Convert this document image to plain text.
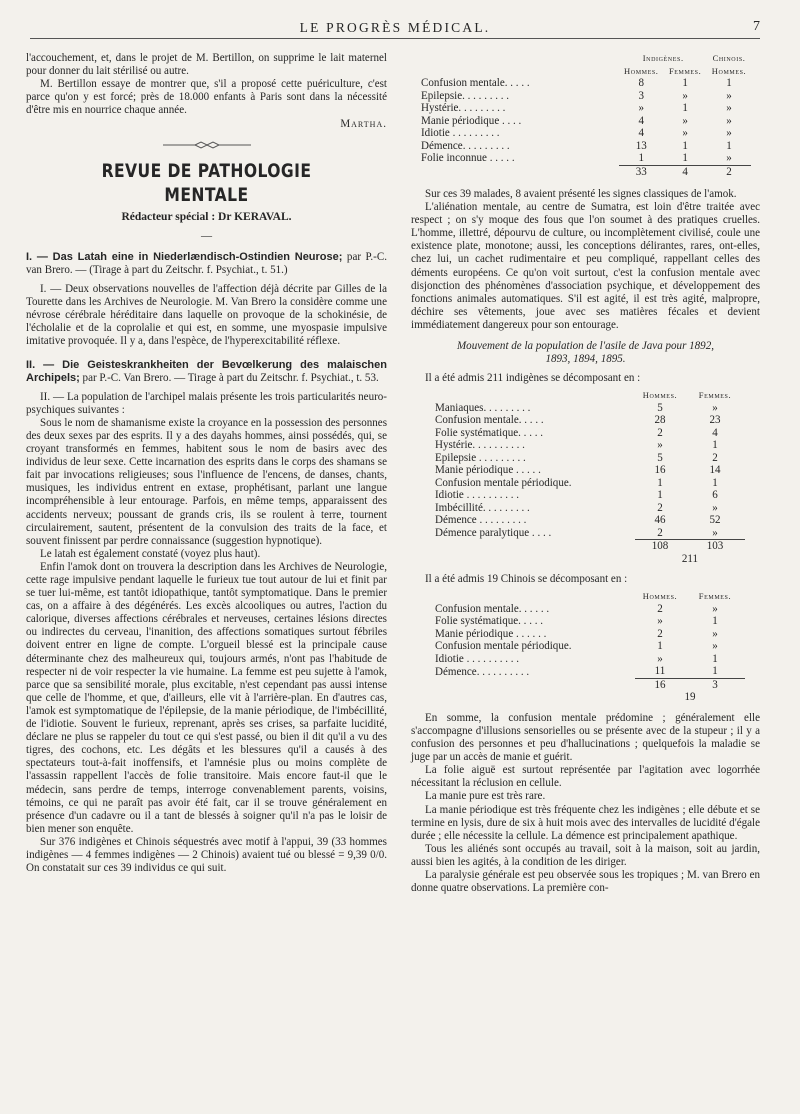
LE PROGRÈS MÉDICAL.	7

l'accouchement, et, dans le projet de M. Bertillon, on supprime le lait maternel pour donner du lait stérilisé ou autre.

M. Bertillon essaye de montrer que, s'il a proposé cette puériculture, c'est parce qu'on y est forcé; près de 18.000 enfants à Paris sont dans la nécessité d'être mis en nourrice chaque année.

Martha.
REVUE DE PATHOLOGIE MENTALE
Rédacteur spécial : Dr KERAVAL.
—

I. — Das Latah eine in Niederlændisch-Ostindien Neurose; par P.-C. van Brero. — (Tirage à part du Zeitschr. f. Psychiat., t. 51.)

I. — Deux observations nouvelles de l'affection déjà décrite par Gilles de la Tourette dans les Archives de Neurologie. M. Van Brero la considère comme une névrose cérébrale héréditaire dans laquelle on provoque de la schokinésie, de l'écholalie et de la coprolalie et qui est, en somme, une myospasie impulsive imitative provoquée. Il y a, dans l'espèce, de l'hyperexcitabilité réflexe.

II. — Die Geisteskrankheiten der Bevœlkerung des malaischen Archipels; par P.-C. Van Brero. — Tirage à part du Zeitschr. f. Psychiat., t. 53.

II. — La population de l'archipel malais présente les trois particularités neuro-psychiques suivantes :

Sous le nom de shamanisme existe la croyance en la possession des personnes des deux sexes par des esprits. Il y a des dayahs hommes, ainsi possédés, qui, se croyant transformés en femmes, habitent sous le nom de basirs avec des individus de leur sexe. Cette incarnation des esprits dans le corps des shamans se fait par invocations religieuses; sous l'influence de l'encens, de danses, chants, musiques, les individus entrent en extase, prophétisant, parlant une langue incompréhensible à leur entourage. Parfois, en même temps, apparaissent des accidents nerveux; poussant de grands cris, ils se roulent à terre, tournent circulairement, sautent, présentent de la convulsion des traits de la face, et souvent finissent par perdre connaissance (suggestion hypnotique).

Le latah est également constaté (voyez plus haut).

Enfin l'amok dont on trouvera la description dans les Archives de Neurologie, cette rage impulsive pendant laquelle le furieux tue tout autour de lui et finit par se tuer lui-même, est tantôt idiopathique, tantôt symptomatique. Dans le premier cas, on a affaire à des dégénérés. Les excès alcooliques ou autres, l'action du calorique, diverses affections cérébrales et nerveuses, certaines lésions directes ou indirectes du cerveau, l'inanition, des affections somatiques surtout fébriles doivent entrer en ligne de compte. L'orgueil blessé est la principale cause déterminante chez des malheureux qui, toujours armés, n'ont pas l'habitude de respecter ni de voir respecter la vie humaine. La femme est peu sujette à l'amok, parce que sa sensibilité morale, plus excitable, n'est cependant pas aussi intense que celle de l'homme, et que, d'ailleurs, elle vit à l'arrière-plan. En d'autres cas, l'amok est symptomatique de l'épilepsie, de la manie périodique, de l'imbécillité, de l'idiotie. Souvent le furieux, reprenant, après ses crises, sa parfaite lucidité, déclare ne plus se rappeler du tout ce qui s'est passé, ou bien il dit qu'il a vu des tigres, des cochons, etc. Les dégâts et les blessures qu'il a causés à des spectateurs tout-à-fait inoffensifs, et l'amnésie plus ou moins complète de l'assassin rappellent l'accès de folie transitoire. Mais encore faut-il que le médecin, sans perdre de temps, interroge convenablement parents, voisins, témoins, ce qui ne paraît pas avoir été fait, car il se trouve généralement en présence d'un cadavre ou il a tant de blessés à soigner qu'il n'a pas le loisir de bien mener son enquête.

Sur 376 indigènes et Chinois séquestrés avec motif à l'appui, 39 (33 hommes indigènes — 4 femmes indigènes — 2 Chinois) avaient tué ou blessé = 9,39 0/0. On constatait sur ces 39 individus ce qui suit.

	Indigènes.		Chinois.
	Hommes.	Femmes.	Hommes.
Confusion mentale. . . . .	8	1	1
Epilepsie. . . . . . . . .	3	»	»
Hystérie. . . . . . . . .	»	1	»
Manie périodique . . . .	4	»	»
Idiotie . . . . . . . . .	4	»	»
Démence. . . . . . . . .	13	1	1
Folie inconnue . . . . .	1	1	»
	33	4	2

Sur ces 39 malades, 8 avaient présenté les signes classiques de l'amok.

L'aliénation mentale, au centre de Sumatra, est loin d'être traitée avec respect ; on s'y moque des fous que l'on soumet à des pratiques cruelles. L'homme, illettré, dépourvu de culture, ou incomplètement civilisé, coule une existence plate, monotone; aussi, les conceptions délirantes, rares, ont-elles, chez lui, un cachet rudimentaire et peu compliqué, rappellant celles des déments européens. Ce qu'on voit surtout, c'est la confusion mentale avec disjonction des phénomènes d'association psychique, et développement des fonctions animales automatiques. S'il est agité, il est très agité, malpropre, déchire ses vêtements, joue avec ses matières fécales et devient immédiatement dangereux pour son entourage.

Mouvement de la population de l'asile de Java pour 1892, 1893, 1894, 1895.

Il a été admis 211 indigènes se décomposant en :

	Hommes.	Femmes.
Maniaques. . . . . . . . .	5	»
Confusion mentale. . . . .	28	23
Folie systématique. . . . .	2	4
Hystérie. . . . . . . . . .	»	1
Epilepsie . . . . . . . . .	5	2
Manie périodique . . . . .	16	14
Confusion mentale périodique.	1	1
Idiotie . . . . . . . . . .	1	6
Imbécillité. . . . . . . . .	2	»
Démence . . . . . . . . .	46	52
Démence paralytique . . . .	2	»
	108	103
	211	

Il a été admis 19 Chinois se décomposant en :

	Hommes.	Femmes.
Confusion mentale. . . . . .	2	»
Folie systématique. . . . .	»	1
Manie périodique . . . . . .	2	»
Confusion mentale périodique.	1	»
Idiotie . . . . . . . . . .	»	1
Démence. . . . . . . . . .	11	1
	16	3
	19	

En somme, la confusion mentale prédomine ; généralement elle s'accompagne d'illusions sensorielles ou se présente avec de la stupeur ; il y a confusion des personnes et peu d'hallucinations ; quelquefois la maladie se juge par un accès de manie et guérit.

La folie aiguë est surtout représentée par l'agitation avec logorrhée nécessitant la réclusion en cellule.

La manie pure est très rare.

La manie périodique est très fréquente chez les indigènes ; elle débute et se termine en lysis, dure de six à huit mois avec des intervalles de lucidité d'égale durée ; elle nécessite la cellule. La démence est principalement apathique.

Tous les aliénés sont occupés au travail, soit à la maison, soit au jardin, aussi bien les agités, à la condition de les diriger.

La paralysie générale est peu observée sous les tropiques ; M. van Brero en donne quatre observations. La première con-
